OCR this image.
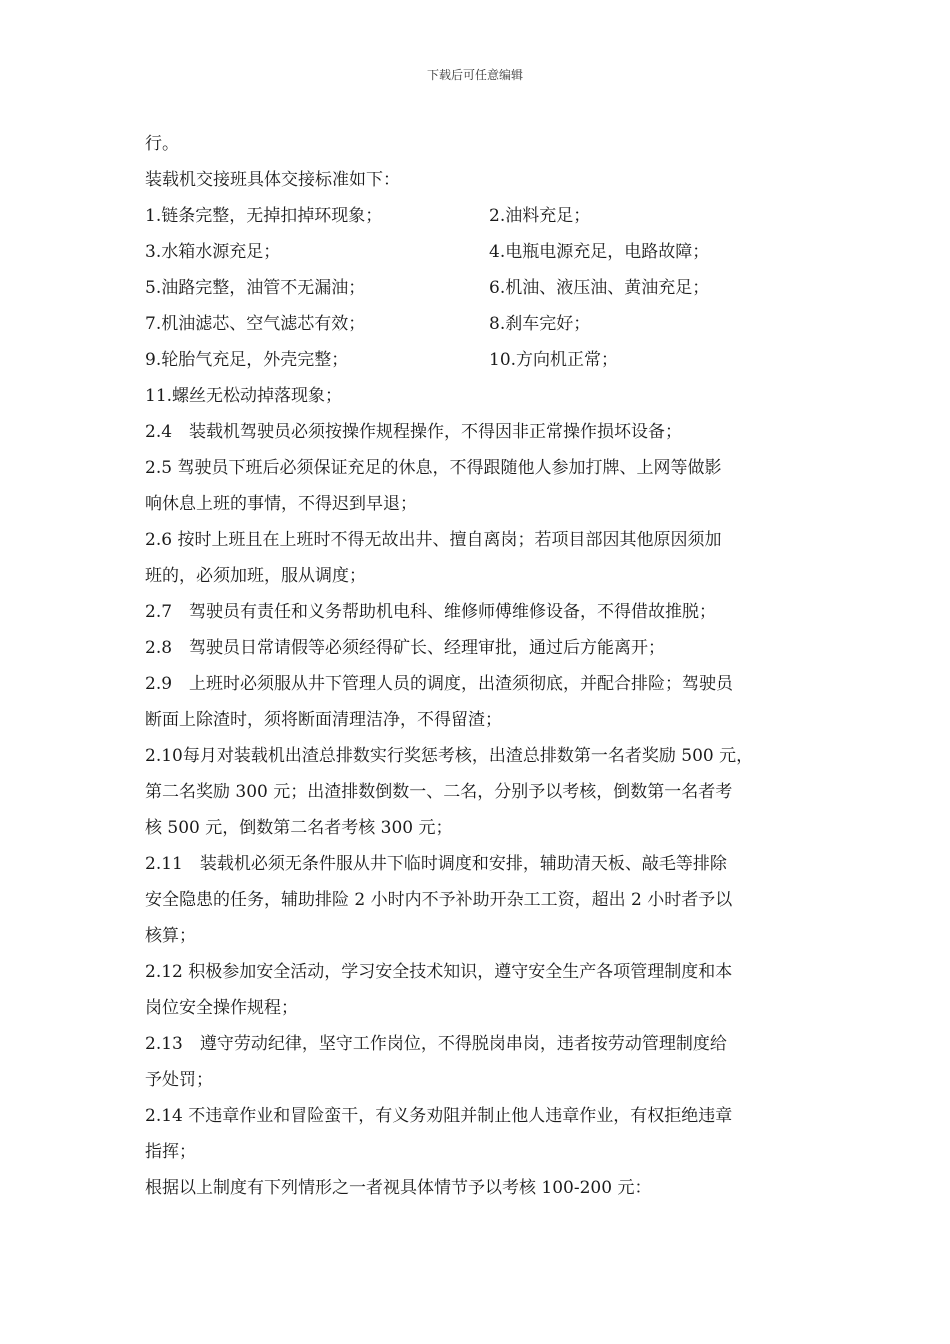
下载后可任意编辑
行。
装载机交接班具体交接标准如下：
1.链条完整，无掉扣掉环现象；	2.油料充足；
3.水箱水源充足；	4.电瓶电源充足，电路故障；
5.油路完整，油管不无漏油；	6.机油、液压油、黄油充足；
7.机油滤芯、空气滤芯有效；	8.刹车完好；
9.轮胎气充足，外壳完整；	10.方向机正常；
11.螺丝无松动掉落现象；
2.4　装载机驾驶员必须按操作规程操作，不得因非正常操作损坏设备；
2.5 驾驶员下班后必须保证充足的休息，不得跟随他人参加打牌、上网等做影
响休息上班的事情，不得迟到早退；
2.6 按时上班且在上班时不得无故出井、擅自离岗；若项目部因其他原因须加
班的，必须加班，服从调度；
2.7　驾驶员有责任和义务帮助机电科、维修师傅维修设备，不得借故推脱；
2.8　驾驶员日常请假等必须经得矿长、经理审批，通过后方能离开；
2.9　上班时必须服从井下管理人员的调度，出渣须彻底，并配合排险；驾驶员
断面上除渣时，须将断面清理洁净，不得留渣；
2.10每月对装载机出渣总排数实行奖惩考核，出渣总排数第一名者奖励 500 元，
第二名奖励 300 元；出渣排数倒数一、二名，分别予以考核，倒数第一名者考
核 500 元，倒数第二名者考核 300 元；
2.11　装载机必须无条件服从井下临时调度和安排，辅助清天板、敲毛等排除
安全隐患的任务，辅助排险 2 小时内不予补助开杂工工资，超出 2 小时者予以
核算；
2.12 积极参加安全活动，学习安全技术知识，遵守安全生产各项管理制度和本
岗位安全操作规程；
2.13　遵守劳动纪律，坚守工作岗位，不得脱岗串岗，违者按劳动管理制度给
予处罚；
2.14 不违章作业和冒险蛮干，有义务劝阻并制止他人违章作业，有权拒绝违章
指挥；
根据以上制度有下列情形之一者视具体情节予以考核 100-200 元：
